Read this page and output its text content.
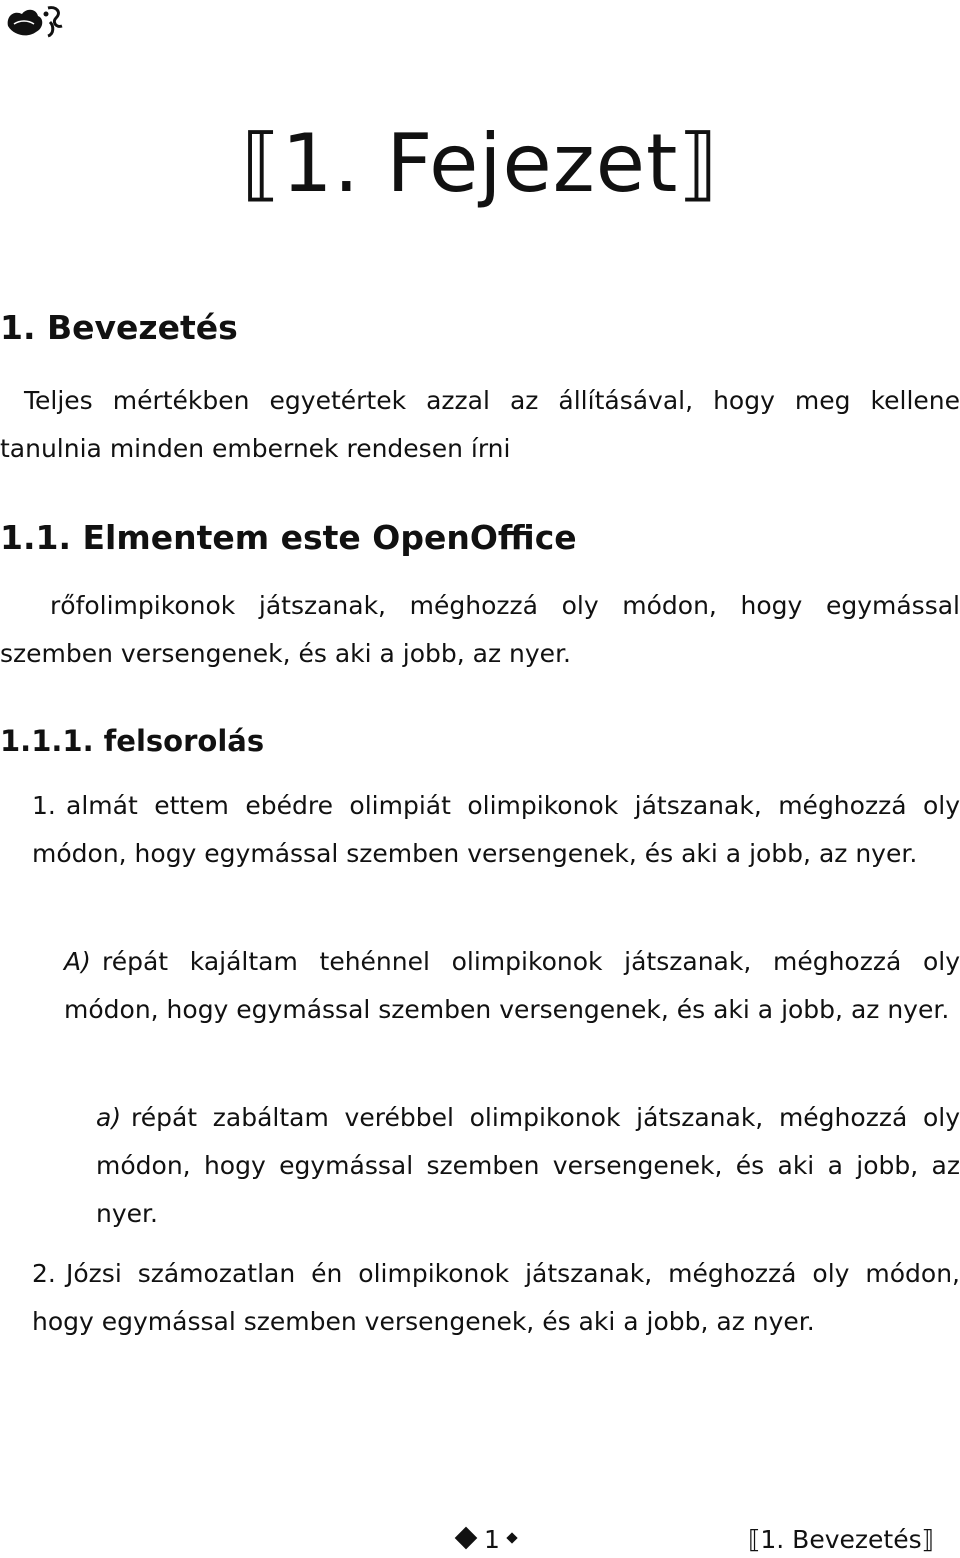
⟦1. Fejezet⟧
1. Bevezetés
Teljes mértékben egyetértek azzal az állításával, hogy meg kellene tanulnia minden embernek rendesen írni
1.1. Elmentem este OpenOffice
rőfolimpikonok játszanak, méghozzá oly módon, hogy egymással szemben versengenek, és aki a jobb, az nyer.
1.1.1. felsorolás
1. almát ettem ebédre olimpiát olimpikonok játszanak, méghozzá oly módon, hogy egymással szemben versengenek, és aki a jobb, az nyer.
A) répát kajáltam tehénnel olimpikonok játszanak, méghozzá oly módon, hogy egymással szemben versengenek, és aki a jobb, az nyer.
a) répát zabáltam verébbel olimpikonok játszanak, méghozzá oly módon, hogy egymással szemben versengenek, és aki a jobb, az nyer.
2. Józsi számozatlan én olimpikonok játszanak, méghozzá oly módon, hogy egymással szemben versengenek, és aki a jobb, az nyer.
1	⟦1. Bevezetés⟧
